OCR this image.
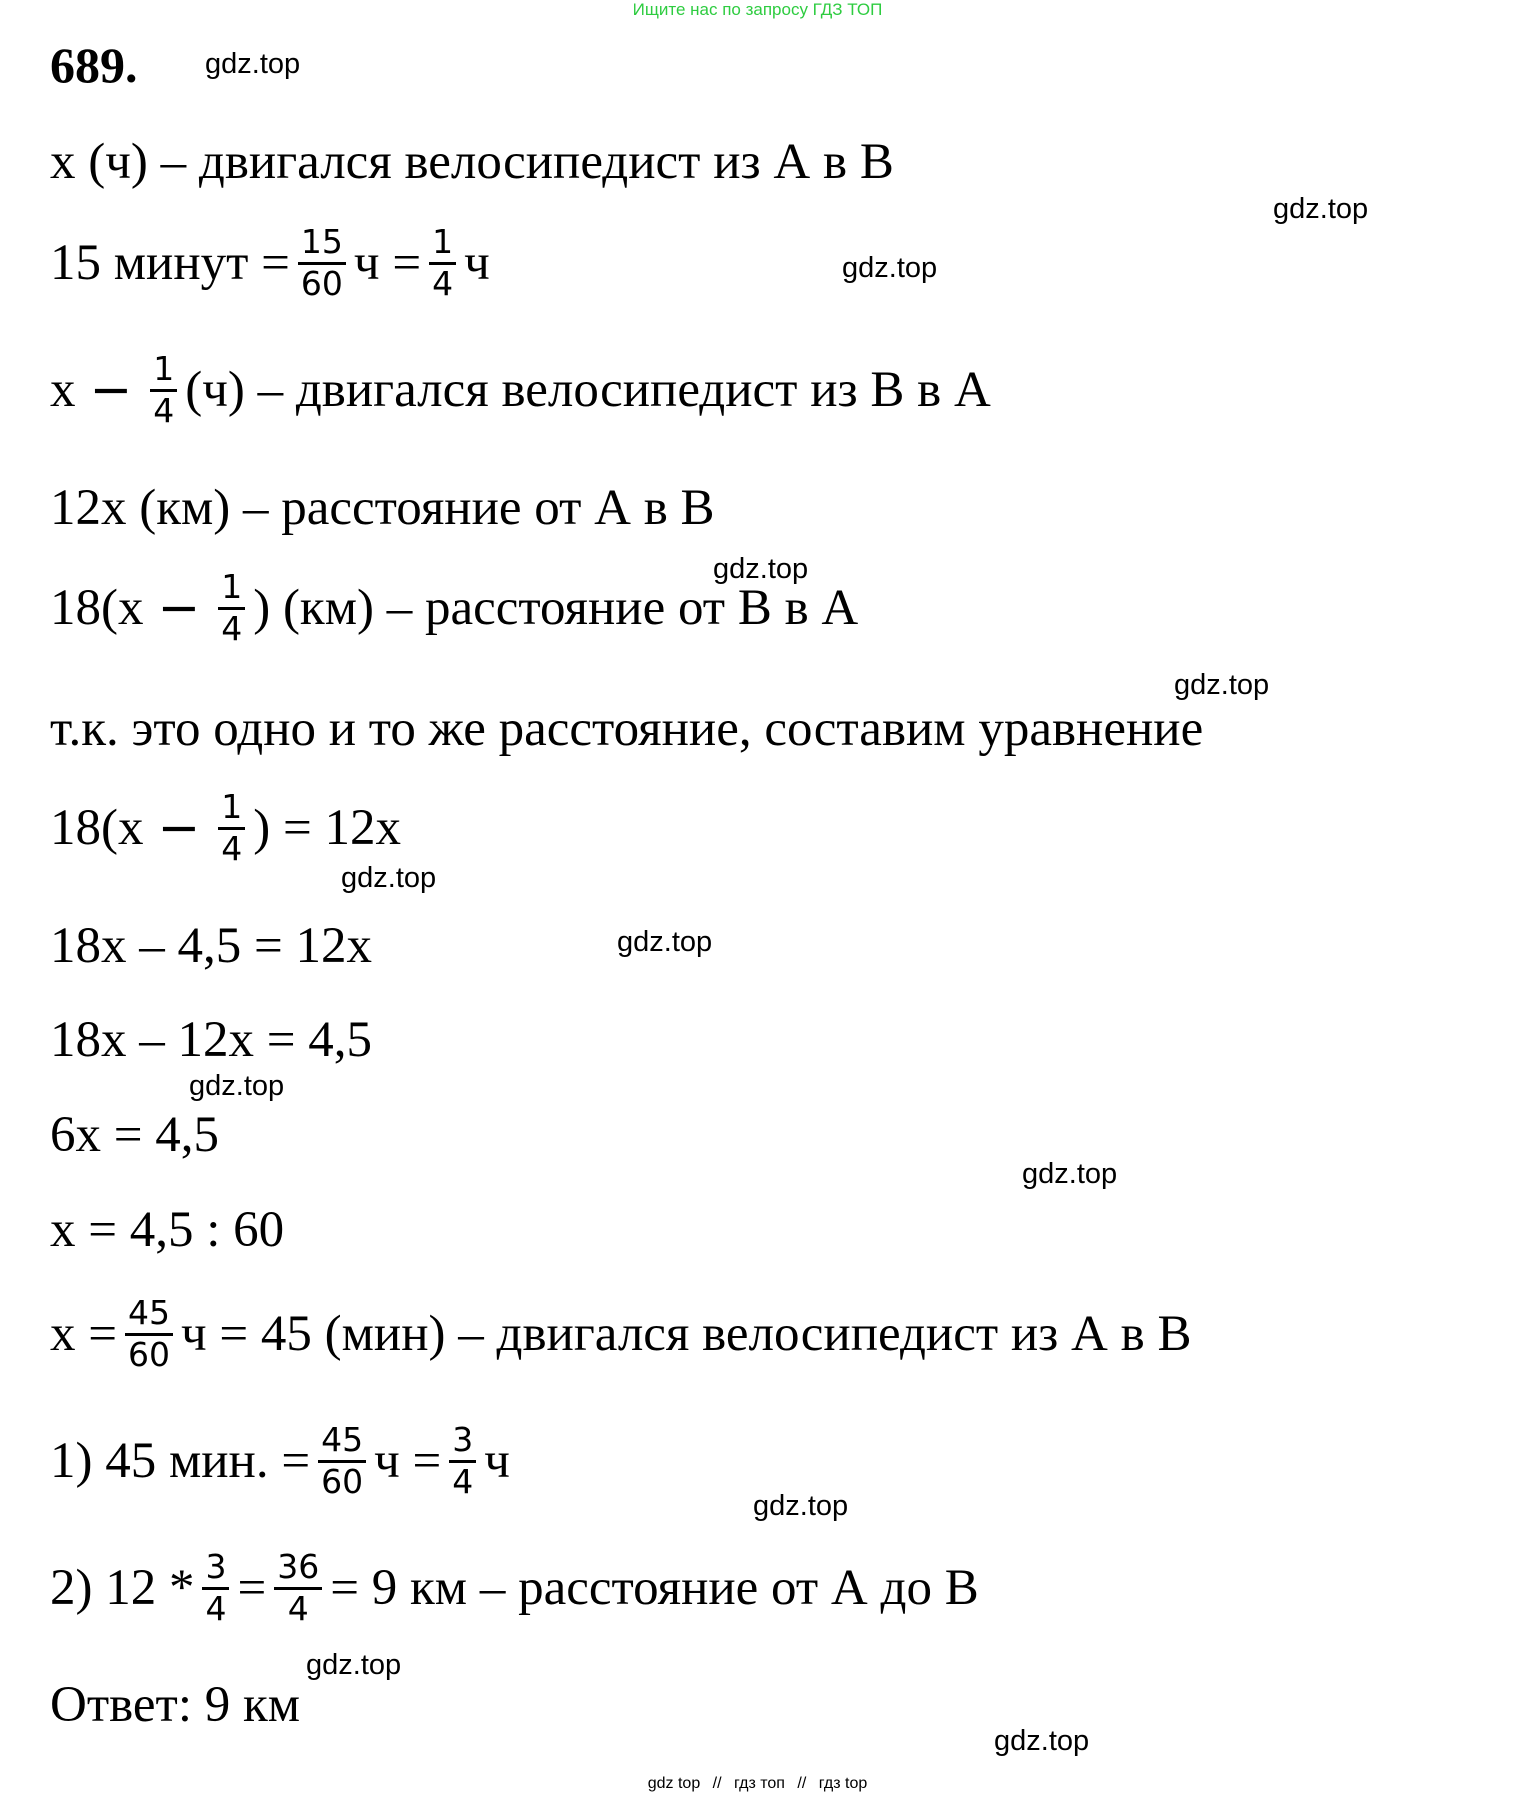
Ищите нас по запросу ГДЗ ТОП
689. gdz.top
gdz.top
gdz.top
gdz.top
gdz.top
gdz.top
gdz.top
gdz.top
gdz.top
gdz.top
gdz.top
gdz.top
х (ч) – двигался велосипедист из А в В
15 минут = $\frac{15}{60}$ $ч = \frac{1}{4}$ ч
$х - \frac{1}{4} (ч)$ – двигался велосипедист из В в А
12х (км) – расстояние от А в В
$18(х - \frac{1}{4}$ ) (км) – расстояние от В в А
т.к. это одно и то же расстояние, составим уравнение
$18(х - \frac{1}{4}$ ) = 12х
18х – 4,5 = 12х
18х – 12х = 4,5
6х = 4,5
х = 4,5 : 60
$х = \frac{45}{60}$ ч = 45 (мин) – двигался велосипедист из А в В
1) 45 мин. = $\frac{45}{60}$ $ч = \frac{3}{4}$ ч
2) $12 * \frac{3}{4} = \frac{36}{4} = 9$ км – расстояние от А до В
Ответ: 9 км
gdz top // гдз топ // гдз top
